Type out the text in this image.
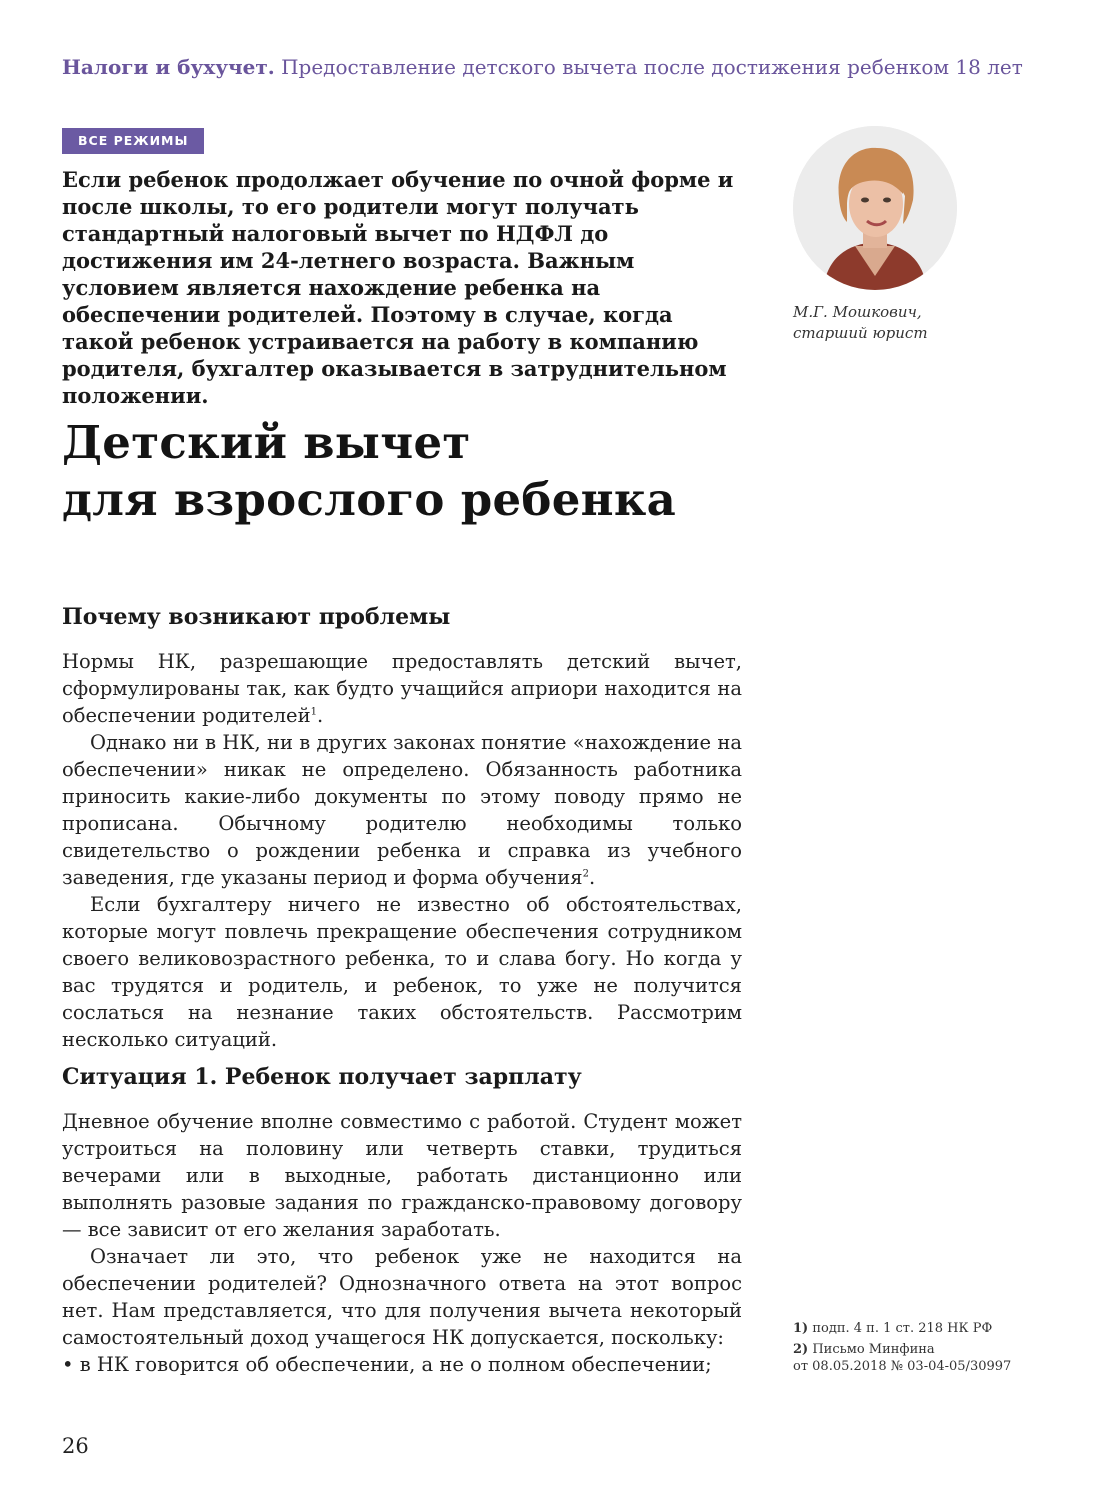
Налоги и бухучет. Предоставление детского вычета после достижения ребенком 18 лет
ВСЕ РЕЖИМЫ
Если ребенок продолжает обучение по очной форме и после школы, то его родители могут получать стандартный налоговый вычет по НДФЛ до достижения им 24-летнего возраста. Важным условием является нахождение ребенка на обеспечении родителей. Поэтому в случае, когда такой ребенок устраивается на работу в компанию родителя, бухгалтер оказывается в затруднительном положении.
М.Г. Мошкович,
старший юрист
Детский вычет
для взрослого ребенка
Почему возникают проблемы

Нормы НК, разрешающие предоставлять детский вычет, сформулированы так, как будто учащийся априори находится на обеспечении родителей$^1$.

Однако ни в НК, ни в других законах понятие «нахождение на обеспечении» никак не определено. Обязанность работника приносить какие-либо документы по этому поводу прямо не прописана. Обычному родителю необходимы только свидетельство о рождении ребенка и справка из учебного заведения, где указаны период и форма обучения$^2$.

Если бухгалтеру ничего не известно об обстоятельствах, которые могут повлечь прекращение обеспечения сотрудником своего великовозрастного ребенка, то и слава богу. Но когда у вас трудятся и родитель, и ребенок, то уже не получится сослаться на незнание таких обстоятельств. Рассмотрим несколько ситуаций.

Ситуация 1. Ребенок получает зарплату

Дневное обучение вполне совместимо с работой. Студент может устроиться на половину или четверть ставки, трудиться вечерами или в выходные, работать дистанционно или выполнять разовые задания по гражданско-правовому договору — все зависит от его желания заработать.

Означает ли это, что ребенок уже не находится на обеспечении родителей? Однозначного ответа на этот вопрос нет. Нам представляется, что для получения вычета некоторый самостоятельный доход учащегося НК допускается, поскольку:

• в НК говорится об обеспечении, а не о полном обеспечении;

1) подп. 4 п. 1 ст. 218 НК РФ
2) Письмо Минфина
от 08.05.2018 № 03-04-05/30997
26
